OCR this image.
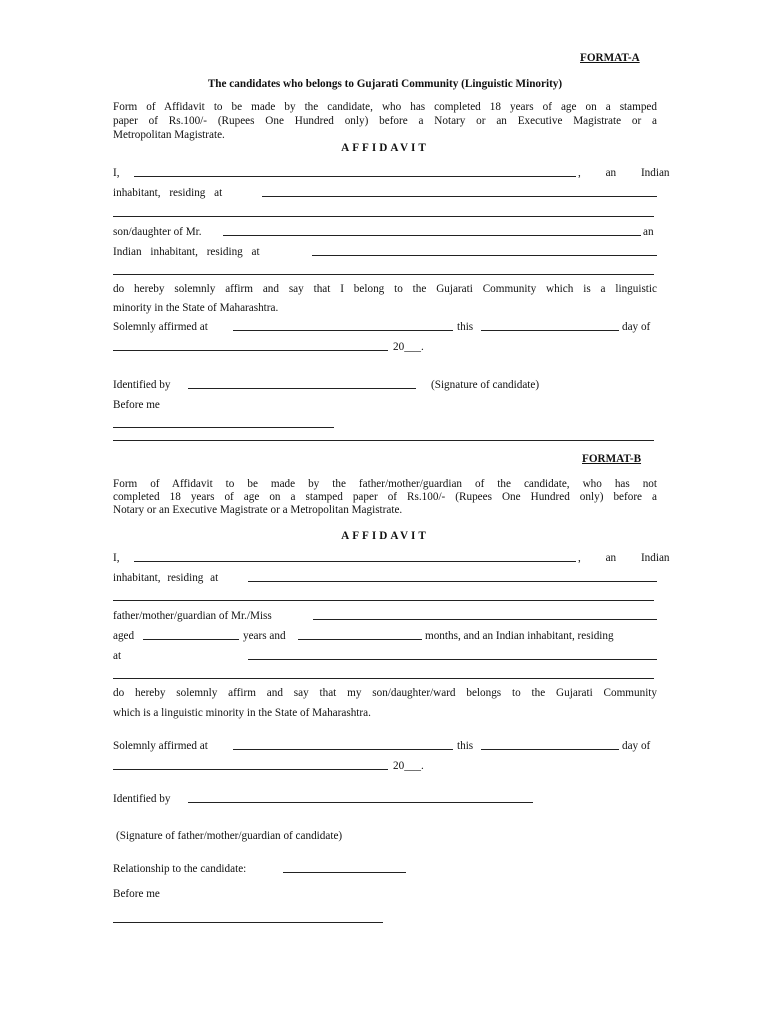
FORMAT-A
The candidates who belongs to Gujarati Community (Linguistic Minority)
Form of Affidavit to be made by the candidate, who has completed 18 years of age on a stamped
paper of Rs.100/- (Rupees One Hundred only) before a Notary or an Executive Magistrate or a
Metropolitan Magistrate.
AFFIDAVIT
I,	, an Indian
inhabitant, residing at
son/daughter of Mr.	an
Indian inhabitant, residing at
do hereby solemnly affirm and say that I belong to the Gujarati Community which is a linguistic
minority in the State of Maharashtra.
Solemnly affirmed at	this	day of
20___.
Identified by	(Signature of candidate)
Before me
FORMAT-B
Form of Affidavit to be made by the father/mother/guardian of the candidate, who has not
completed 18 years of age on a stamped paper of Rs.100/- (Rupees One Hundred only) before a
Notary or an Executive Magistrate or a Metropolitan Magistrate.
AFFIDAVIT
I,	, an Indian
inhabitant, residing at
father/mother/guardian of Mr./Miss
aged	years and	months, and an Indian inhabitant, residing
at
do hereby solemnly affirm and say that my son/daughter/ward belongs to the Gujarati Community
which is a linguistic minority in the State of Maharashtra.
Solemnly affirmed at	this	day of
20___.
Identified by
(Signature of father/mother/guardian of candidate)
Relationship to the candidate:
Before me
